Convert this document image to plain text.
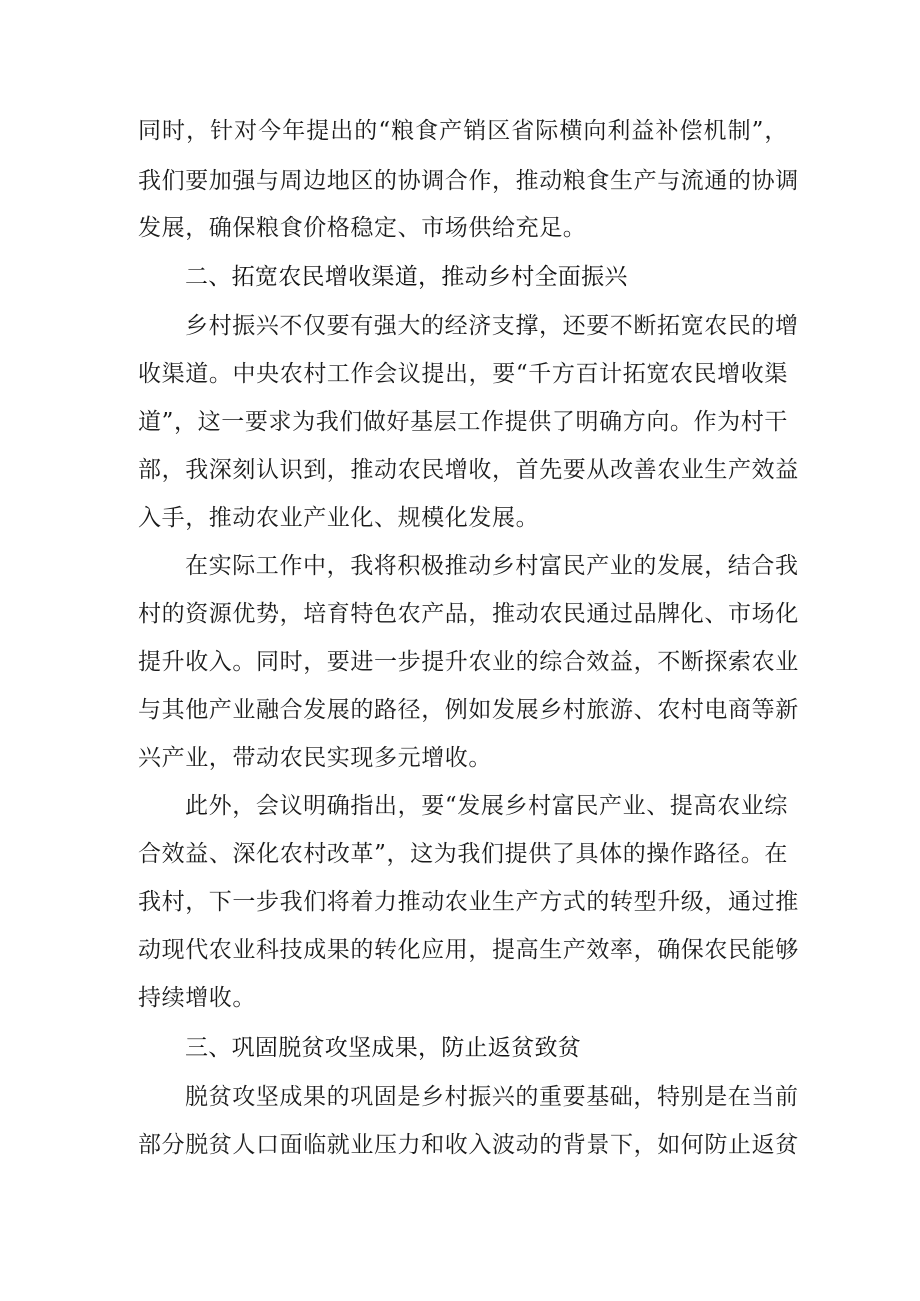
同时，针对今年提出的“粮食产销区省际横向利益补偿机制”，
我们要加强与周边地区的协调合作，推动粮食生产与流通的协调
发展，确保粮食价格稳定、市场供给充足。
二、拓宽农民增收渠道，推动乡村全面振兴
乡村振兴不仅要有强大的经济支撑，还要不断拓宽农民的增
收渠道。中央农村工作会议提出，要“千方百计拓宽农民增收渠
道”，这一要求为我们做好基层工作提供了明确方向。作为村干
部，我深刻认识到，推动农民增收，首先要从改善农业生产效益
入手，推动农业产业化、规模化发展。
在实际工作中，我将积极推动乡村富民产业的发展，结合我
村的资源优势，培育特色农产品，推动农民通过品牌化、市场化
提升收入。同时，要进一步提升农业的综合效益，不断探索农业
与其他产业融合发展的路径，例如发展乡村旅游、农村电商等新
兴产业，带动农民实现多元增收。
此外，会议明确指出，要“发展乡村富民产业、提高农业综
合效益、深化农村改革”，这为我们提供了具体的操作路径。在
我村，下一步我们将着力推动农业生产方式的转型升级，通过推
动现代农业科技成果的转化应用，提高生产效率，确保农民能够
持续增收。
三、巩固脱贫攻坚成果，防止返贫致贫
脱贫攻坚成果的巩固是乡村振兴的重要基础，特别是在当前
部分脱贫人口面临就业压力和收入波动的背景下，如何防止返贫
